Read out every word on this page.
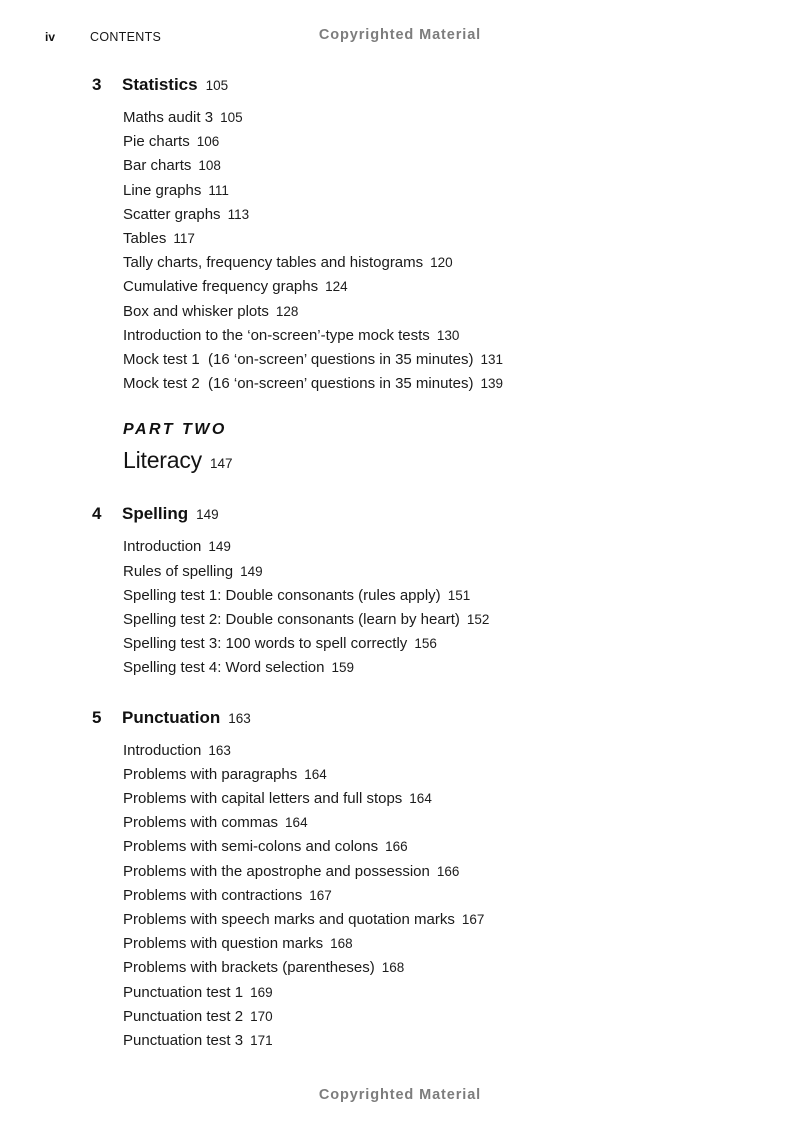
iv	CONTENTS	Copyrighted Material
3	Statistics 105
Maths audit 3 105
Pie charts 106
Bar charts 108
Line graphs 111
Scatter graphs 113
Tables 117
Tally charts, frequency tables and histograms 120
Cumulative frequency graphs 124
Box and whisker plots 128
Introduction to the ‘on-screen’-type mock tests 130
Mock test 1  (16 ‘on-screen’ questions in 35 minutes) 131
Mock test 2  (16 ‘on-screen’ questions in 35 minutes) 139
PART TWO
Literacy 147
4	Spelling 149
Introduction 149
Rules of spelling 149
Spelling test 1: Double consonants (rules apply) 151
Spelling test 2: Double consonants (learn by heart) 152
Spelling test 3: 100 words to spell correctly 156
Spelling test 4: Word selection 159
5	Punctuation 163
Introduction 163
Problems with paragraphs 164
Problems with capital letters and full stops 164
Problems with commas 164
Problems with semi-colons and colons 166
Problems with the apostrophe and possession 166
Problems with contractions 167
Problems with speech marks and quotation marks 167
Problems with question marks 168
Problems with brackets (parentheses) 168
Punctuation test 1 169
Punctuation test 2 170
Punctuation test 3 171
Copyrighted Material
